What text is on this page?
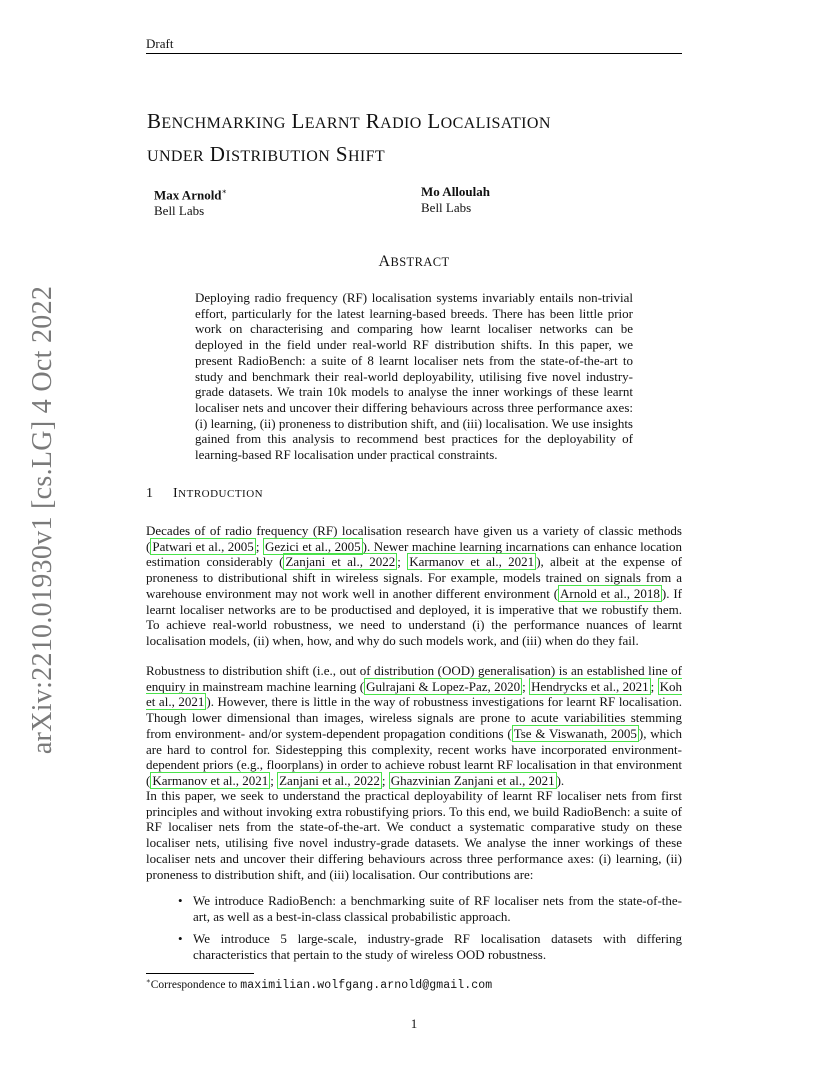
Draft
BENCHMARKING LEARNT RADIO LOCALISATION
UNDER DISTRIBUTION SHIFT
Max Arnold∗
Bell Labs
Mo Alloulah
Bell Labs
ABSTRACT
Deploying radio frequency (RF) localisation systems invariably entails non-trivial effort, particularly for the latest learning-based breeds. There has been little prior work on characterising and comparing how learnt localiser networks can be deployed in the field under real-world RF distribution shifts. In this paper, we present RadioBench: a suite of 8 learnt localiser nets from the state-of-the-art to study and benchmark their real-world deployability, utilising five novel industry-grade datasets. We train 10k models to analyse the inner workings of these learnt localiser nets and uncover their differing behaviours across three performance axes: (i) learning, (ii) proneness to distribution shift, and (iii) localisation. We use insights gained from this analysis to recommend best practices for the deployability of learning-based RF localisation under practical constraints.
1 INTRODUCTION
Decades of of radio frequency (RF) localisation research have given us a variety of classic methods ( Patwari et al., 2005 ; Gezici et al., 2005 ). Newer machine learning incarnations can enhance location estimation considerably ( Zanjani et al., 2022 ; Karmanov et al., 2021 ), albeit at the expense of proneness to distributional shift in wireless signals. For example, models trained on signals from a warehouse environment may not work well in another different environment ( Arnold et al., 2018 ). If learnt localiser networks are to be productised and deployed, it is imperative that we robustify them. To achieve real-world robustness, we need to understand (i) the performance nuances of learnt localisation models, (ii) when, how, and why do such models work, and (iii) when do they fail.
Robustness to distribution shift (i.e., out of distribution (OOD) generalisation) is an established line of enquiry in mainstream machine learning ( Gulrajani & Lopez-Paz, 2020 ; Hendrycks et al., 2021 ; Koh et al., 2021 ). However, there is little in the way of robustness investigations for learnt RF localisation. Though lower dimensional than images, wireless signals are prone to acute variabilities stemming from environment- and/or system-dependent propagation conditions ( Tse & Viswanath, 2005 ), which are hard to control for. Sidestepping this complexity, recent works have incorporated environment-dependent priors (e.g., floorplans) in order to achieve robust learnt RF localisation in that environment ( Karmanov et al., 2021 ; Zanjani et al., 2022 ; Ghazvinian Zanjani et al., 2021 ).
In this paper, we seek to understand the practical deployability of learnt RF localiser nets from first principles and without invoking extra robustifying priors. To this end, we build RadioBench: a suite of RF localiser nets from the state-of-the-art. We conduct a systematic comparative study on these localiser nets, utilising five novel industry-grade datasets. We analyse the inner workings of these localiser nets and uncover their differing behaviours across three performance axes: (i) learning, (ii) proneness to distribution shift, and (iii) localisation. Our contributions are:
• We introduce RadioBench: a benchmarking suite of RF localiser nets from the state-of-the-art, as well as a best-in-class classical probabilistic approach.
• We introduce 5 large-scale, industry-grade RF localisation datasets with differing characteristics that pertain to the study of wireless OOD robustness.
∗Correspondence to maximilian.wolfgang.arnold@gmail.com
1
arXiv:2210.01930v1 [cs.LG] 4 Oct 2022
